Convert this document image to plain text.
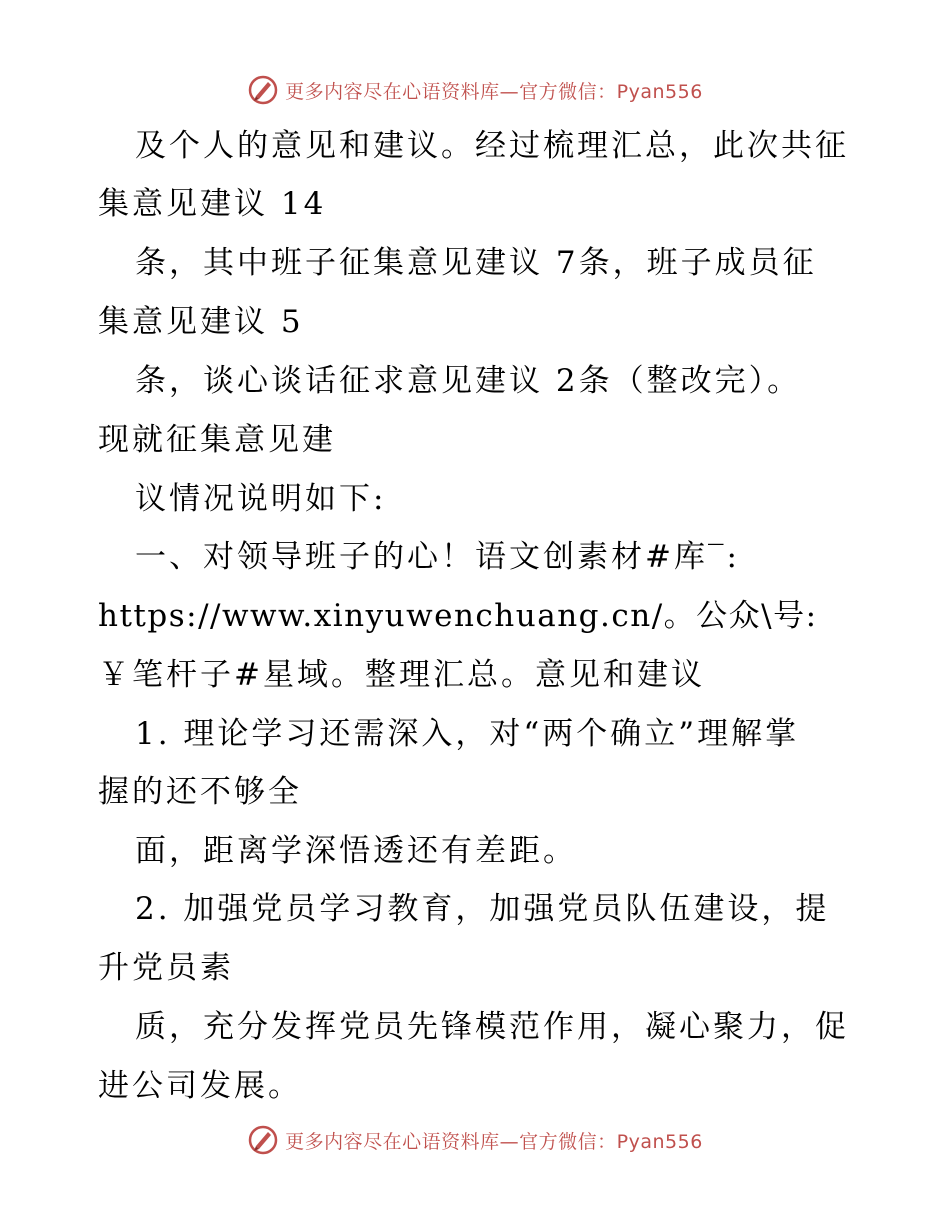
更多内容尽在心语资料库—官方微信：Pyan556
及个人的意见和建议。经过梳理汇总，此次共征
集意见建议 14
条，其中班子征集意见建议 7条，班子成员征
集意见建议 5
条，谈心谈话征求意见建议 2条（整改完）。
现就征集意见建
议情况说明如下:
一、对领导班子的心！语文创素材#库‾:
https://www.xinyuwenchuang.cn/。公众\号:
￥笔杆子#星域。整理汇总。意见和建议
1. 理论学习还需深入，对“两个确立”理解掌
握的还不够全
面，距离学深悟透还有差距。
2. 加强党员学习教育，加强党员队伍建设，提
升党员素
质，充分发挥党员先锋模范作用，凝心聚力，促
进公司发展。
更多内容尽在心语资料库—官方微信：Pyan556
